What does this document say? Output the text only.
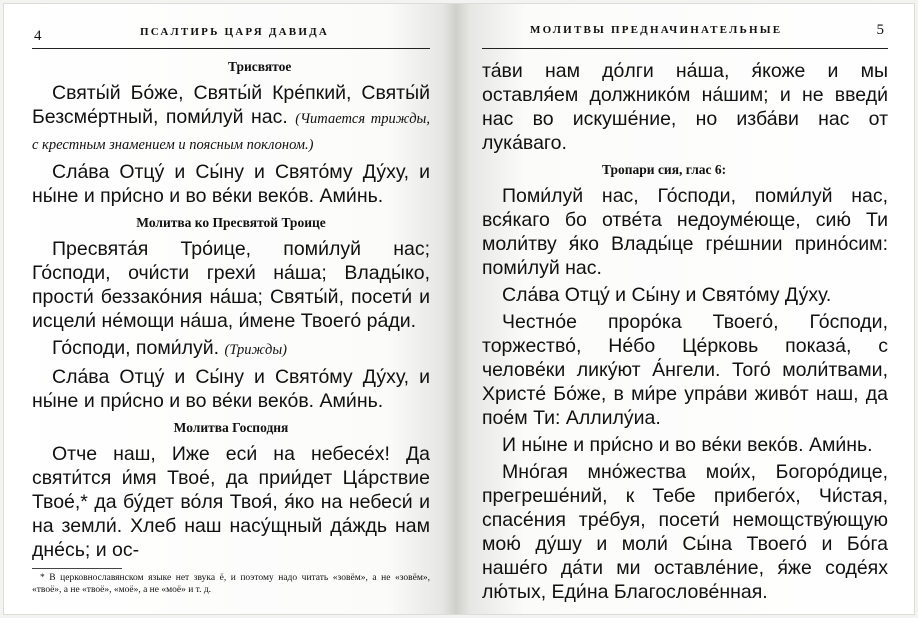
4	ПСАЛТИРЬ ЦАРЯ ДАВИДА
Трисвятое

Святы́й Бо́же, Святы́й Кре́пкий, Святы́й Безсме́ртный, поми́луй нас. (Читается трижды, с крестным знамением и поясным поклоном.)

Сла́ва Отцу́ и Сы́ну и Свято́му Ду́ху, и ны́не и при́сно и во ве́ки веко́в. Ами́нь.

Молитва ко Пресвятой Троице

Пресвята́я Тро́ице, поми́луй нас; Го́споди, очи́сти грехи́ на́ша; Влады́ко, прости́ беззако́ния на́ша; Святы́й, посети́ и исцели́ не́мощи на́ша, и́мене Твоего́ ра́ди.

Го́споди, поми́луй. (Трижды)

Сла́ва Отцу́ и Сы́ну и Свято́му Ду́ху, и ны́не и при́сно и во ве́ки веко́в. Ами́нь.

Молитва Господня

Отче наш, Иже еси́ на небесе́х! Да святи́тся и́мя Твое́, да прии́дет Ца́рствие Твое́,* да бу́дет во́ля Твоя́, я́ко на небеси́ и на земли́. Хлеб наш насу́щный да́ждь нам дне́сь; и ос-

* В церковнославянском языке нет звука ё, и поэтому надо читать «зовём», а не «зовём», «твоё», а не «твоё», «моё», а не «моё» и т. д.
МОЛИТВЫ ПРЕДНАЧИНАТЕЛЬНЫЕ	5

та́ви нам до́лги на́ша, я́коже и мы оставля́ем должнико́м на́шим; и не введи́ нас во искуше́ние, но изба́ви нас от лука́ваго.

Тропари сия, глас 6:

Поми́луй нас, Го́споди, поми́луй нас, вся́каго бо отве́та недоуме́юще, сию́ Ти моли́тву я́ко Влады́це гре́шнии прино́сим: поми́луй нас.

Сла́ва Отцу́ и Сы́ну и Свято́му Ду́ху.

Честно́е проро́ка Твоего́, Го́споди, торжество́, Не́бо Це́рковь показа́, с челове́ки лику́ют А́нгели. Того́ моли́твами, Христе́ Бо́же, в ми́ре упра́ви живо́т наш, да пое́м Ти: Аллилу́иа.

И ны́не и при́сно и во ве́ки веко́в. Ами́нь.

Мно́гая мно́жества мои́х, Богоро́дице, прегреше́ний, к Тебе прибего́х, Чи́стая, спасе́ния тре́буя, посети́ немощству́ющую мою́ ду́шу и моли́ Сы́на Твоего́ и Бо́га наше́го да́ти ми оставле́ние, я́же соде́ях лю́тых, Еди́на Благослове́нная.
